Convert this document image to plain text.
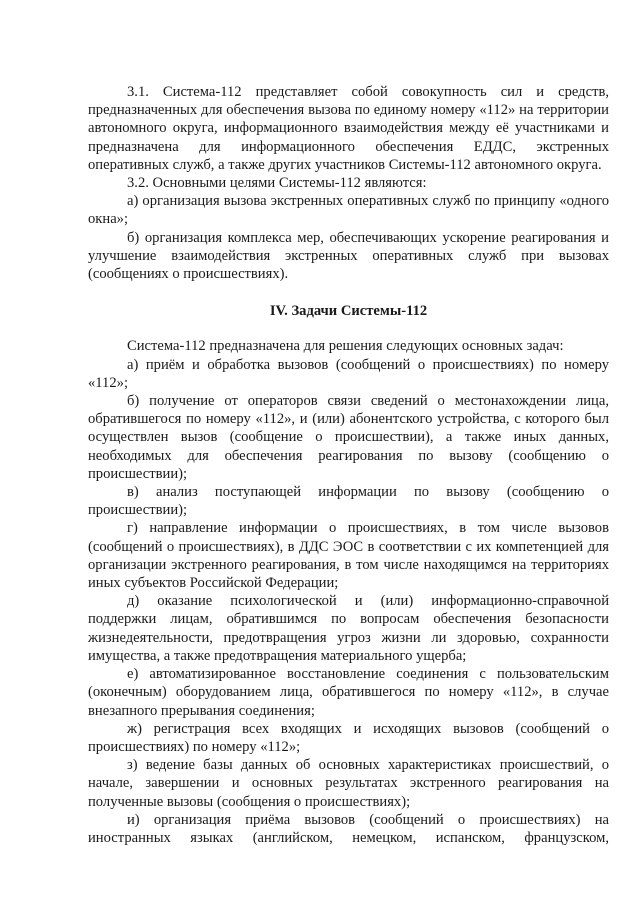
3.1. Система-112 представляет собой совокупность сил и средств, предназначенных для обеспечения вызова по единому номеру «112» на территории автономного округа, информационного взаимодействия между её участниками и предназначена для информационного обеспечения ЕДДС, экстренных оперативных служб, а также других участников Системы-112 автономного округа.

3.2. Основными целями Системы-112 являются:

а) организация вызова экстренных оперативных служб по принципу «одного окна»;

б) организация комплекса мер, обеспечивающих ускорение реагирования и улучшение взаимодействия экстренных оперативных служб при вызовах (сообщениях о происшествиях).

IV. Задачи Системы-112

Система-112 предназначена для решения следующих основных задач:

а) приём и обработка вызовов (сообщений о происшествиях) по номеру «112»;

б) получение от операторов связи сведений о местонахождении лица, обратившегося по номеру «112», и (или) абонентского устройства, с которого был осуществлен вызов (сообщение о происшествии), а также иных данных, необходимых для обеспечения реагирования по вызову (сообщению о происшествии);

в) анализ поступающей информации по вызову (сообщению о происшествии);

г) направление информации о происшествиях, в том числе вызовов (сообщений о происшествиях), в ДДС ЭОС в соответствии с их компетенцией для организации экстренного реагирования, в том числе находящимся на территориях иных субъектов Российской Федерации;

д) оказание психологической и (или) информационно-справочной поддержки лицам, обратившимся по вопросам обеспечения безопасности жизнедеятельности, предотвращения угроз жизни ли здоровью, сохранности имущества, а также предотвращения материального ущерба;

е) автоматизированное восстановление соединения с пользовательским (оконечным) оборудованием лица, обратившегося по номеру «112», в случае внезапного прерывания соединения;

ж) регистрация всех входящих и исходящих вызовов (сообщений о происшествиях) по номеру «112»;

з) ведение базы данных об основных характеристиках происшествий, о начале, завершении и основных результатах экстренного реагирования на полученные вызовы (сообщения о происшествиях);

и) организация приёма вызовов (сообщений о происшествиях) на иностранных языках (английском, немецком, испанском, французском,
